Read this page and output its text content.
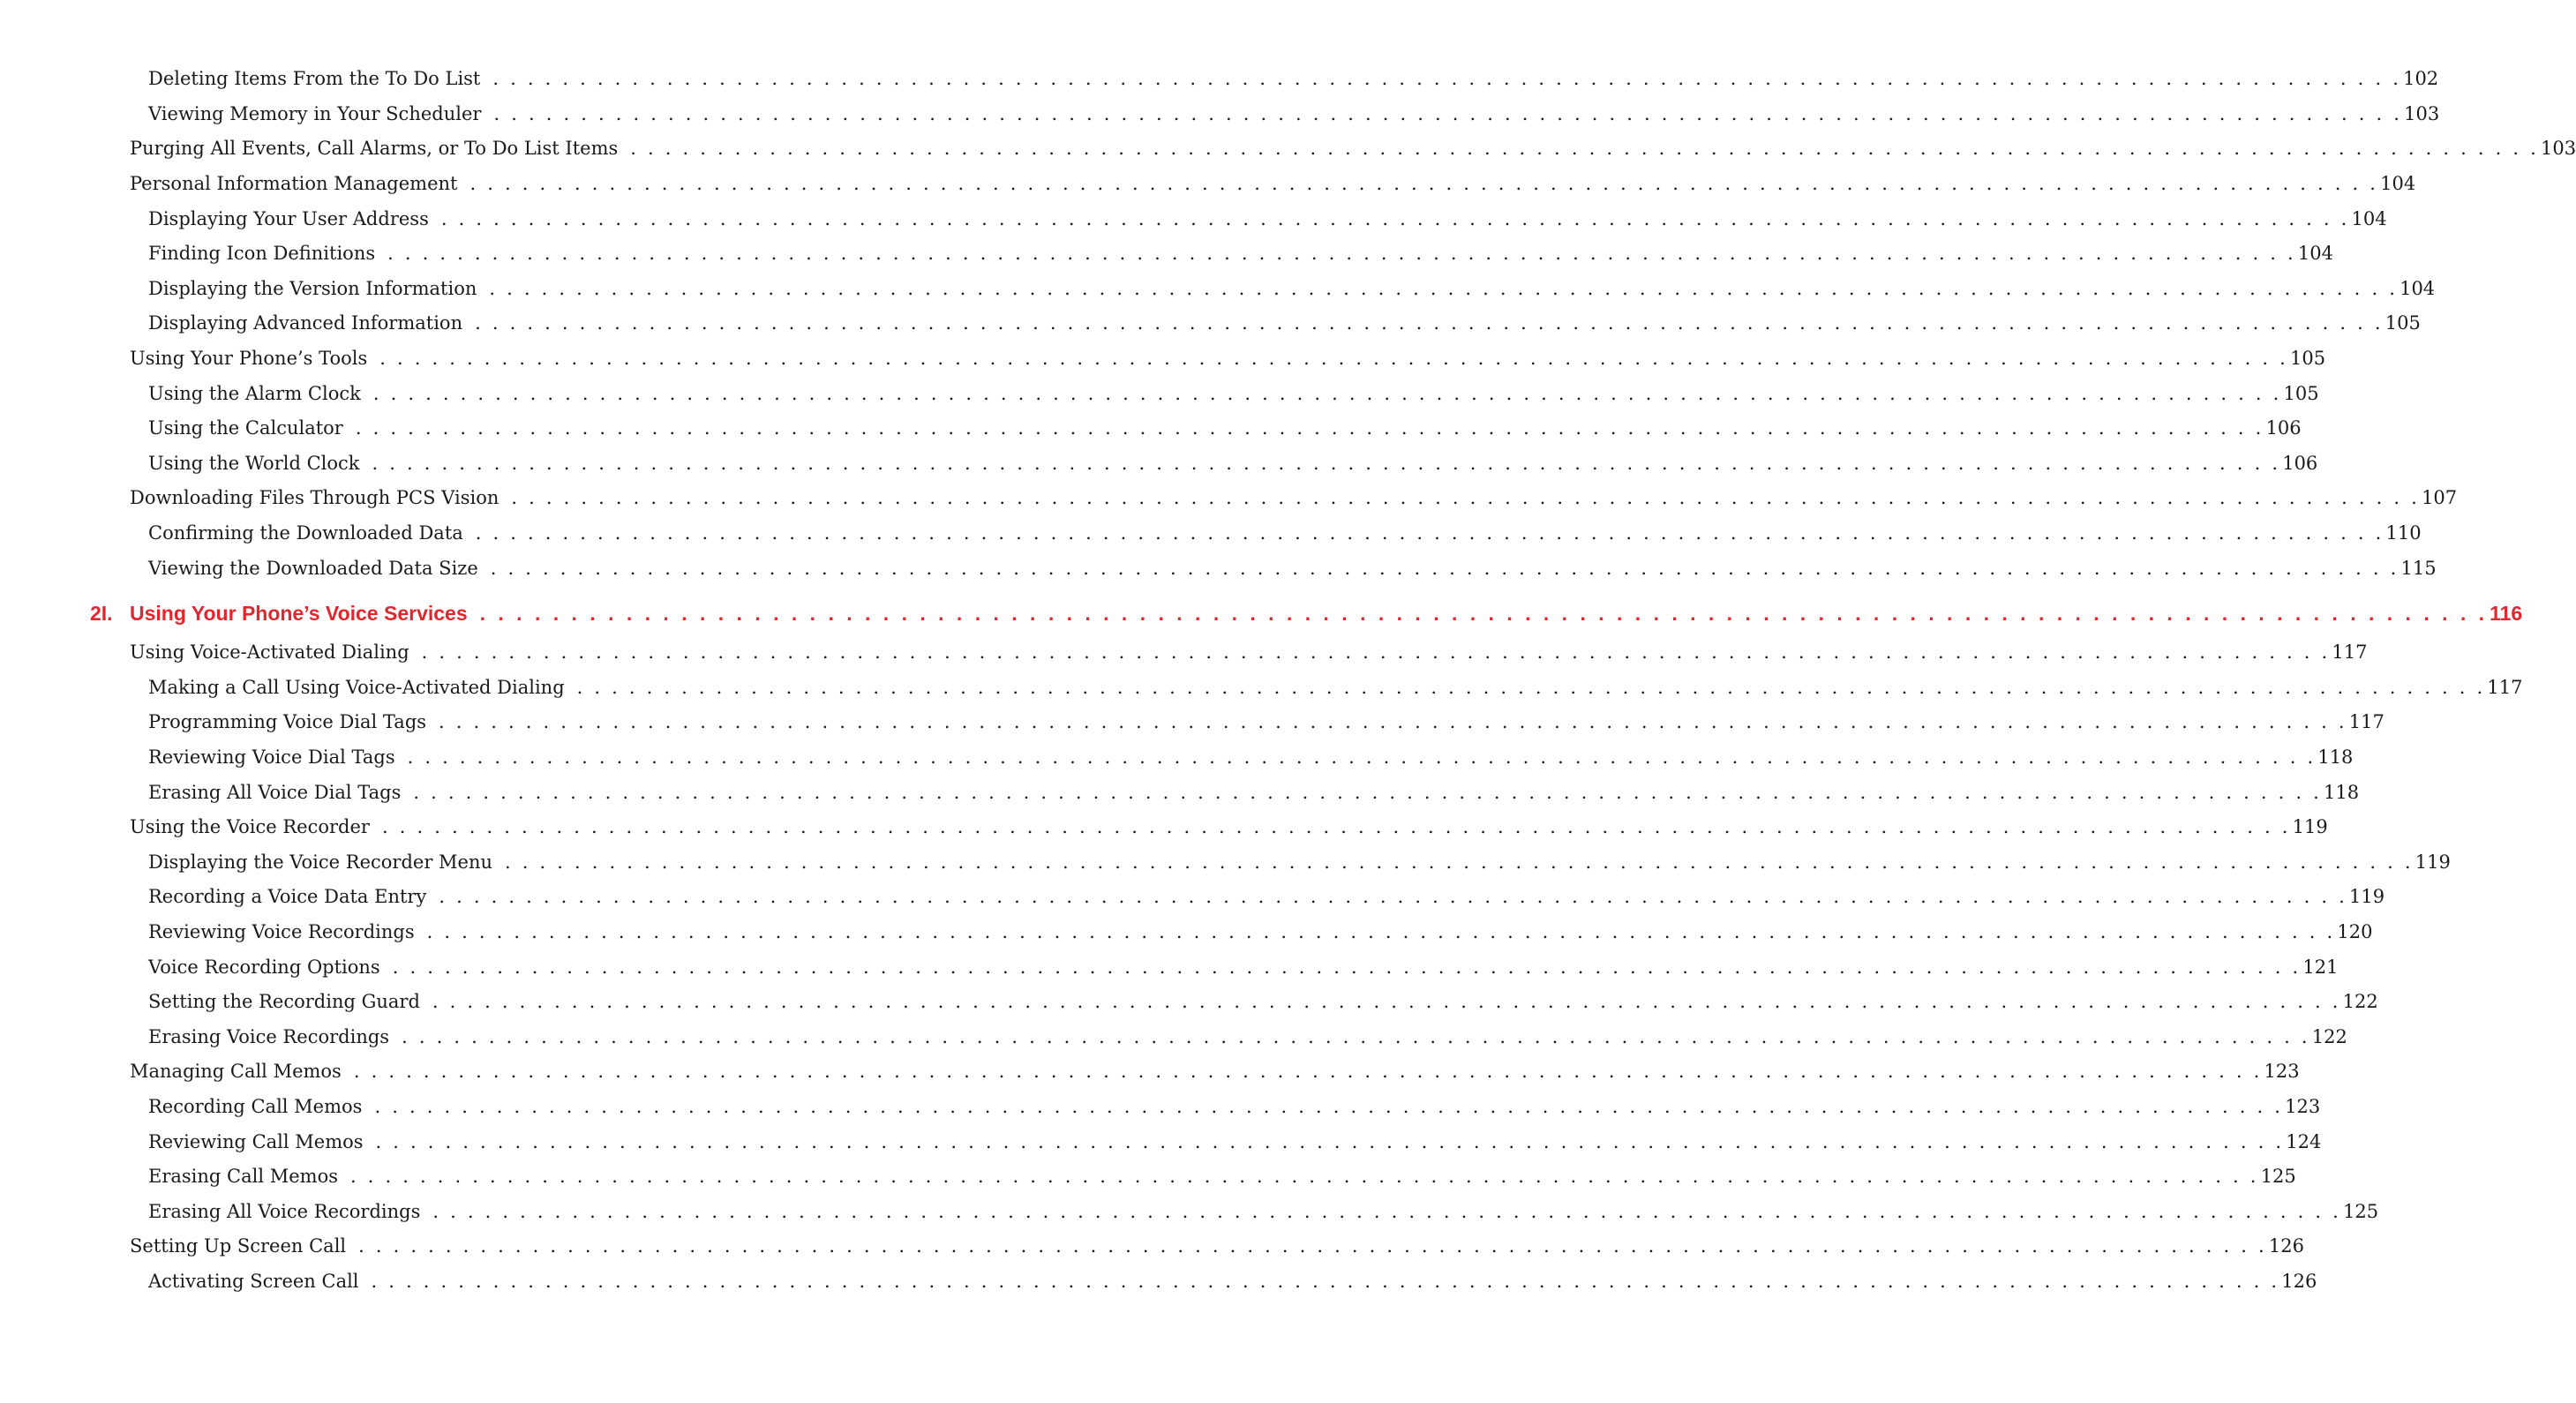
Deleting Items From the To Do List . . . . . . . . . . . . . . . . . . . . . . . . . . . . . . . . . . . . . . . . . . . . . . . . . . . . . . . . . . . . . . . . . . . . . . . . . . . . . . . . . . . . . . . . . . . . . . . . . . . . . . . . . . . . . . 102
Viewing Memory in Your Scheduler . . . . . . . . . . . . . . . . . . . . . . . . . . . . . . . . . . . . . . . . . . . . . . . . . . . . . . . . . . . . . . . . . . . . . . . . . . . . . . . . . . . . . . . . . . . . . . . . . . . . . . . . . . . . . . 103
Purging All Events, Call Alarms, or To Do List Items . . . . . . . . . . . . . . . . . . . . . . . . . . . . . . . . . . . . . . . . . . . . . . . . . . . . . . . . . . . . . . . . . . . . . . . . . . . . . . . . . . . . . . . . . . . . . . . . . . . . . . . . . . . . . . 103
Personal Information Management . . . . . . . . . . . . . . . . . . . . . . . . . . . . . . . . . . . . . . . . . . . . . . . . . . . . . . . . . . . . . . . . . . . . . . . . . . . . . . . . . . . . . . . . . . . . . . . . . . . . . . . . . . . . . . 104
Displaying Your User Address . . . . . . . . . . . . . . . . . . . . . . . . . . . . . . . . . . . . . . . . . . . . . . . . . . . . . . . . . . . . . . . . . . . . . . . . . . . . . . . . . . . . . . . . . . . . . . . . . . . . . . . . . . . . . . 104
Finding Icon Definitions . . . . . . . . . . . . . . . . . . . . . . . . . . . . . . . . . . . . . . . . . . . . . . . . . . . . . . . . . . . . . . . . . . . . . . . . . . . . . . . . . . . . . . . . . . . . . . . . . . . . . . . . . . . . . . 104
Displaying the Version Information . . . . . . . . . . . . . . . . . . . . . . . . . . . . . . . . . . . . . . . . . . . . . . . . . . . . . . . . . . . . . . . . . . . . . . . . . . . . . . . . . . . . . . . . . . . . . . . . . . . . . . . . . . . . . . 104
Displaying Advanced Information . . . . . . . . . . . . . . . . . . . . . . . . . . . . . . . . . . . . . . . . . . . . . . . . . . . . . . . . . . . . . . . . . . . . . . . . . . . . . . . . . . . . . . . . . . . . . . . . . . . . . . . . . . . . . . 105
Using Your Phone’s Tools . . . . . . . . . . . . . . . . . . . . . . . . . . . . . . . . . . . . . . . . . . . . . . . . . . . . . . . . . . . . . . . . . . . . . . . . . . . . . . . . . . . . . . . . . . . . . . . . . . . . . . . . . . . . . . 105
Using the Alarm Clock . . . . . . . . . . . . . . . . . . . . . . . . . . . . . . . . . . . . . . . . . . . . . . . . . . . . . . . . . . . . . . . . . . . . . . . . . . . . . . . . . . . . . . . . . . . . . . . . . . . . . . . . . . . . . . 105
Using the Calculator . . . . . . . . . . . . . . . . . . . . . . . . . . . . . . . . . . . . . . . . . . . . . . . . . . . . . . . . . . . . . . . . . . . . . . . . . . . . . . . . . . . . . . . . . . . . . . . . . . . . . . . . . . . . . . 106
Using the World Clock . . . . . . . . . . . . . . . . . . . . . . . . . . . . . . . . . . . . . . . . . . . . . . . . . . . . . . . . . . . . . . . . . . . . . . . . . . . . . . . . . . . . . . . . . . . . . . . . . . . . . . . . . . . . . . 106
Downloading Files Through PCS Vision . . . . . . . . . . . . . . . . . . . . . . . . . . . . . . . . . . . . . . . . . . . . . . . . . . . . . . . . . . . . . . . . . . . . . . . . . . . . . . . . . . . . . . . . . . . . . . . . . . . . . . . . . . . . . . 107
Confirming the Downloaded Data . . . . . . . . . . . . . . . . . . . . . . . . . . . . . . . . . . . . . . . . . . . . . . . . . . . . . . . . . . . . . . . . . . . . . . . . . . . . . . . . . . . . . . . . . . . . . . . . . . . . . . . . . . . . . . 110
Viewing the Downloaded Data Size . . . . . . . . . . . . . . . . . . . . . . . . . . . . . . . . . . . . . . . . . . . . . . . . . . . . . . . . . . . . . . . . . . . . . . . . . . . . . . . . . . . . . . . . . . . . . . . . . . . . . . . . . . . . . . 115
2I. Using Your Phone’s Voice Services . . . . . . . . . . . . . . . . . . . . . . . . . . . . . . . . . . . . . . . . . . . . . . . . . . . . . . . . . . . . . . . . . . . . . . . . . . . . . . . . . . . . . . . . . . . . . . . . . . . . . . . . . . . . . . 116
Using Voice-Activated Dialing . . . . . . . . . . . . . . . . . . . . . . . . . . . . . . . . . . . . . . . . . . . . . . . . . . . . . . . . . . . . . . . . . . . . . . . . . . . . . . . . . . . . . . . . . . . . . . . . . . . . . . . . . . . . . . 117
Making a Call Using Voice-Activated Dialing . . . . . . . . . . . . . . . . . . . . . . . . . . . . . . . . . . . . . . . . . . . . . . . . . . . . . . . . . . . . . . . . . . . . . . . . . . . . . . . . . . . . . . . . . . . . . . . . . . . . . . . . . . . . . . 117
Programming Voice Dial Tags . . . . . . . . . . . . . . . . . . . . . . . . . . . . . . . . . . . . . . . . . . . . . . . . . . . . . . . . . . . . . . . . . . . . . . . . . . . . . . . . . . . . . . . . . . . . . . . . . . . . . . . . . . . . . . 117
Reviewing Voice Dial Tags . . . . . . . . . . . . . . . . . . . . . . . . . . . . . . . . . . . . . . . . . . . . . . . . . . . . . . . . . . . . . . . . . . . . . . . . . . . . . . . . . . . . . . . . . . . . . . . . . . . . . . . . . . . . . . 118
Erasing All Voice Dial Tags . . . . . . . . . . . . . . . . . . . . . . . . . . . . . . . . . . . . . . . . . . . . . . . . . . . . . . . . . . . . . . . . . . . . . . . . . . . . . . . . . . . . . . . . . . . . . . . . . . . . . . . . . . . . . . 118
Using the Voice Recorder . . . . . . . . . . . . . . . . . . . . . . . . . . . . . . . . . . . . . . . . . . . . . . . . . . . . . . . . . . . . . . . . . . . . . . . . . . . . . . . . . . . . . . . . . . . . . . . . . . . . . . . . . . . . . . 119
Displaying the Voice Recorder Menu . . . . . . . . . . . . . . . . . . . . . . . . . . . . . . . . . . . . . . . . . . . . . . . . . . . . . . . . . . . . . . . . . . . . . . . . . . . . . . . . . . . . . . . . . . . . . . . . . . . . . . . . . . . . . . 119
Recording a Voice Data Entry . . . . . . . . . . . . . . . . . . . . . . . . . . . . . . . . . . . . . . . . . . . . . . . . . . . . . . . . . . . . . . . . . . . . . . . . . . . . . . . . . . . . . . . . . . . . . . . . . . . . . . . . . . . . . . 119
Reviewing Voice Recordings . . . . . . . . . . . . . . . . . . . . . . . . . . . . . . . . . . . . . . . . . . . . . . . . . . . . . . . . . . . . . . . . . . . . . . . . . . . . . . . . . . . . . . . . . . . . . . . . . . . . . . . . . . . . . . 120
Voice Recording Options . . . . . . . . . . . . . . . . . . . . . . . . . . . . . . . . . . . . . . . . . . . . . . . . . . . . . . . . . . . . . . . . . . . . . . . . . . . . . . . . . . . . . . . . . . . . . . . . . . . . . . . . . . . . . . 121
Setting the Recording Guard . . . . . . . . . . . . . . . . . . . . . . . . . . . . . . . . . . . . . . . . . . . . . . . . . . . . . . . . . . . . . . . . . . . . . . . . . . . . . . . . . . . . . . . . . . . . . . . . . . . . . . . . . . . . . . 122
Erasing Voice Recordings . . . . . . . . . . . . . . . . . . . . . . . . . . . . . . . . . . . . . . . . . . . . . . . . . . . . . . . . . . . . . . . . . . . . . . . . . . . . . . . . . . . . . . . . . . . . . . . . . . . . . . . . . . . . . . 122
Managing Call Memos . . . . . . . . . . . . . . . . . . . . . . . . . . . . . . . . . . . . . . . . . . . . . . . . . . . . . . . . . . . . . . . . . . . . . . . . . . . . . . . . . . . . . . . . . . . . . . . . . . . . . . . . . . . . . . 123
Recording Call Memos . . . . . . . . . . . . . . . . . . . . . . . . . . . . . . . . . . . . . . . . . . . . . . . . . . . . . . . . . . . . . . . . . . . . . . . . . . . . . . . . . . . . . . . . . . . . . . . . . . . . . . . . . . . . . . 123
Reviewing Call Memos . . . . . . . . . . . . . . . . . . . . . . . . . . . . . . . . . . . . . . . . . . . . . . . . . . . . . . . . . . . . . . . . . . . . . . . . . . . . . . . . . . . . . . . . . . . . . . . . . . . . . . . . . . . . . . 124
Erasing Call Memos . . . . . . . . . . . . . . . . . . . . . . . . . . . . . . . . . . . . . . . . . . . . . . . . . . . . . . . . . . . . . . . . . . . . . . . . . . . . . . . . . . . . . . . . . . . . . . . . . . . . . . . . . . . . . . 125
Erasing All Voice Recordings . . . . . . . . . . . . . . . . . . . . . . . . . . . . . . . . . . . . . . . . . . . . . . . . . . . . . . . . . . . . . . . . . . . . . . . . . . . . . . . . . . . . . . . . . . . . . . . . . . . . . . . . . . . . . . 125
Setting Up Screen Call . . . . . . . . . . . . . . . . . . . . . . . . . . . . . . . . . . . . . . . . . . . . . . . . . . . . . . . . . . . . . . . . . . . . . . . . . . . . . . . . . . . . . . . . . . . . . . . . . . . . . . . . . . . . . . 126
Activating Screen Call . . . . . . . . . . . . . . . . . . . . . . . . . . . . . . . . . . . . . . . . . . . . . . . . . . . . . . . . . . . . . . . . . . . . . . . . . . . . . . . . . . . . . . . . . . . . . . . . . . . . . . . . . . . . . . 126
